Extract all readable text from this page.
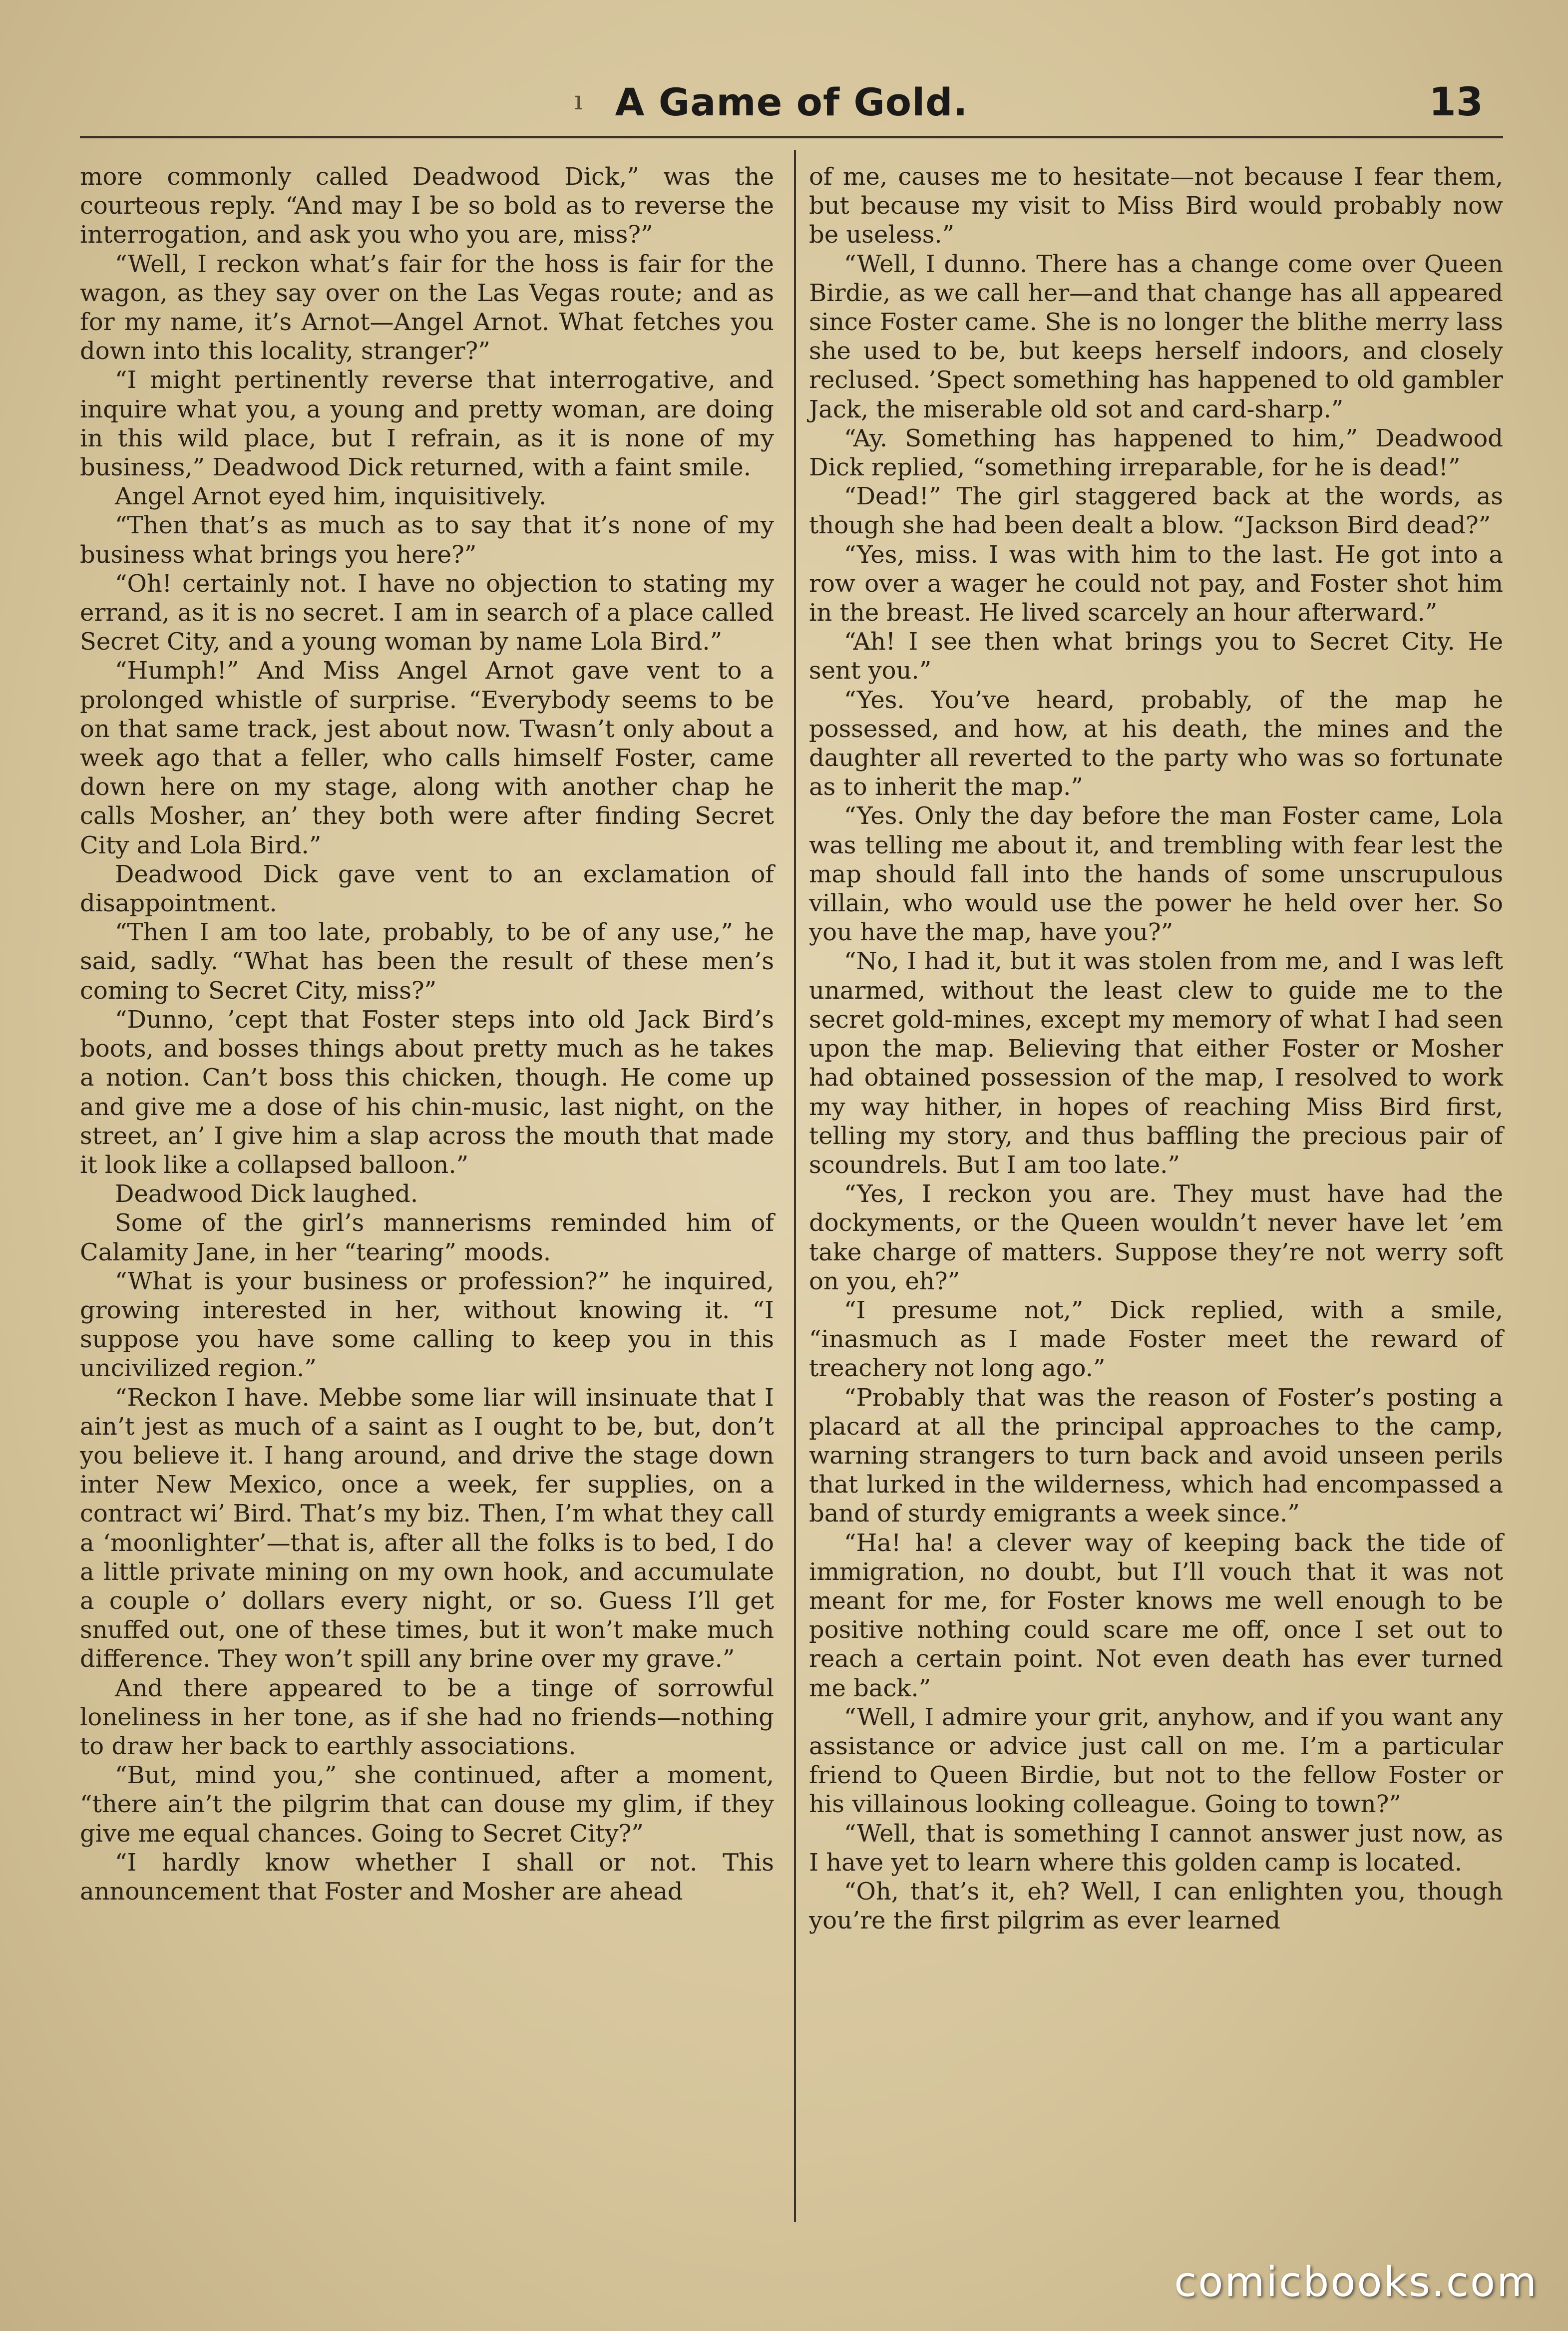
ı A Game of Gold.	13

more commonly called Deadwood Dick,” was the courteous reply. “And may I be so bold as to reverse the interrogation, and ask you who you are, miss?”

“Well, I reckon what’s fair for the hoss is fair for the wagon, as they say over on the Las Vegas route; and as for my name, it’s Arnot—Angel Arnot. What fetches you down into this locality, stranger?”

“I might pertinently reverse that interrogative, and inquire what you, a young and pretty woman, are doing in this wild place, but I refrain, as it is none of my business,” Deadwood Dick returned, with a faint smile.

Angel Arnot eyed him, inquisitively.

“Then that’s as much as to say that it’s none of my business what brings you here?”

“Oh! certainly not. I have no objection to stating my errand, as it is no secret. I am in search of a place called Secret City, and a young woman by name Lola Bird.”

“Humph!” And Miss Angel Arnot gave vent to a prolonged whistle of surprise. “Everybody seems to be on that same track, jest about now. Twasn’t only about a week ago that a feller, who calls himself Foster, came down here on my stage, along with another chap he calls Mosher, an’ they both were after finding Secret City and Lola Bird.”

Deadwood Dick gave vent to an exclamation of disappointment.

“Then I am too late, probably, to be of any use,” he said, sadly. “What has been the result of these men’s coming to Secret City, miss?”

“Dunno, ’cept that Foster steps into old Jack Bird’s boots, and bosses things about pretty much as he takes a notion. Can’t boss this chicken, though. He come up and give me a dose of his chin-music, last night, on the street, an’ I give him a slap across the mouth that made it look like a collapsed balloon.”

Deadwood Dick laughed.

Some of the girl’s mannerisms reminded him of Calamity Jane, in her “tearing” moods.

“What is your business or profession?” he inquired, growing interested in her, without knowing it. “I suppose you have some calling to keep you in this uncivilized region.”

“Reckon I have. Mebbe some liar will insinuate that I ain’t jest as much of a saint as I ought to be, but, don’t you believe it. I hang around, and drive the stage down inter New Mexico, once a week, fer supplies, on a contract wi’ Bird. That’s my biz. Then, I’m what they call a ‘moonlighter’—that is, after all the folks is to bed, I do a little private mining on my own hook, and accumulate a couple o’ dollars every night, or so. Guess I’ll get snuffed out, one of these times, but it won’t make much difference. They won’t spill any brine over my grave.”

And there appeared to be a tinge of sorrowful loneliness in her tone, as if she had no friends—nothing to draw her back to earthly associations.

“But, mind you,” she continued, after a moment, “there ain’t the pilgrim that can douse my glim, if they give me equal chances. Going to Secret City?”

“I hardly know whether I shall or not. This announcement that Foster and Mosher are ahead

of me, causes me to hesitate—not because I fear them, but because my visit to Miss Bird would probably now be useless.”

“Well, I dunno. There has a change come over Queen Birdie, as we call her—and that change has all appeared since Foster came. She is no longer the blithe merry lass she used to be, but keeps herself indoors, and closely reclused. ’Spect something has happened to old gambler Jack, the miserable old sot and card-sharp.”

“Ay. Something has happened to him,” Deadwood Dick replied, “something irreparable, for he is dead!”

“Dead!” The girl staggered back at the words, as though she had been dealt a blow. “Jackson Bird dead?”

“Yes, miss. I was with him to the last. He got into a row over a wager he could not pay, and Foster shot him in the breast. He lived scarcely an hour afterward.”

“Ah! I see then what brings you to Secret City. He sent you.”

“Yes. You’ve heard, probably, of the map he possessed, and how, at his death, the mines and the daughter all reverted to the party who was so fortunate as to inherit the map.”

“Yes. Only the day before the man Foster came, Lola was telling me about it, and trembling with fear lest the map should fall into the hands of some unscrupulous villain, who would use the power he held over her. So you have the map, have you?”

“No, I had it, but it was stolen from me, and I was left unarmed, without the least clew to guide me to the secret gold-mines, except my memory of what I had seen upon the map. Believing that either Foster or Mosher had obtained possession of the map, I resolved to work my way hither, in hopes of reaching Miss Bird first, telling my story, and thus baffling the precious pair of scoundrels. But I am too late.”

“Yes, I reckon you are. They must have had the dockyments, or the Queen wouldn’t never have let ’em take charge of matters. Suppose they’re not werry soft on you, eh?”

“I presume not,” Dick replied, with a smile, “inasmuch as I made Foster meet the reward of treachery not long ago.”

“Probably that was the reason of Foster’s posting a placard at all the principal approaches to the camp, warning strangers to turn back and avoid unseen perils that lurked in the wilderness, which had encompassed a band of sturdy emigrants a week since.”

“Ha! ha! a clever way of keeping back the tide of immigration, no doubt, but I’ll vouch that it was not meant for me, for Foster knows me well enough to be positive nothing could scare me off, once I set out to reach a certain point. Not even death has ever turned me back.”

“Well, I admire your grit, anyhow, and if you want any assistance or advice just call on me. I’m a particular friend to Queen Birdie, but not to the fellow Foster or his villainous looking colleague. Going to town?”

“Well, that is something I cannot answer just now, as I have yet to learn where this golden camp is located.

“Oh, that’s it, eh? Well, I can enlighten you, though you’re the first pilgrim as ever learned

comicbooks.com
